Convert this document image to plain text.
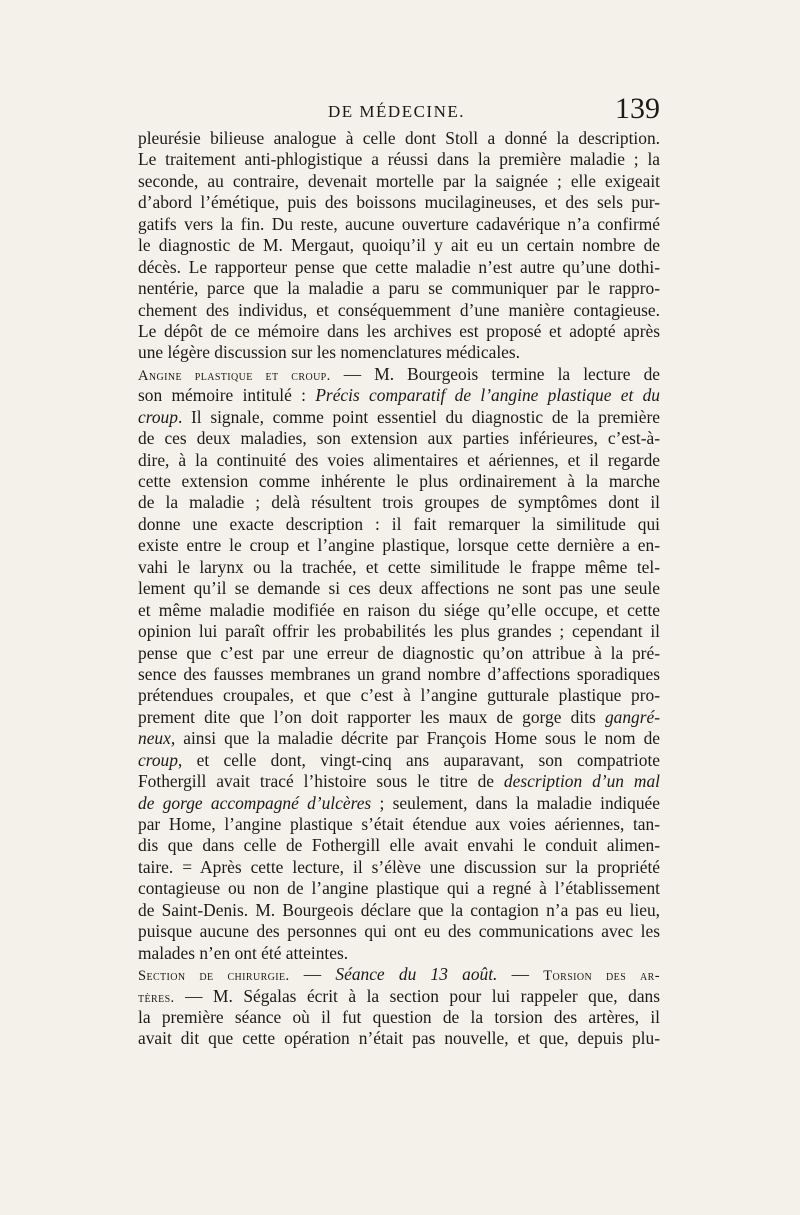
DE MÉDECINE.	139
pleurésie bilieuse analogue à celle dont Stoll a donné la description.
Le traitement anti-phlogistique a réussi dans la première maladie ; la
seconde, au contraire, devenait mortelle par la saignée ; elle exigeait
d’abord l’émétique, puis des boissons mucilagineuses, et des sels pur-
gatifs vers la fin. Du reste, aucune ouverture cadavérique n’a confirmé
le diagnostic de M. Mergaut, quoiqu’il y ait eu un certain nombre de
décès. Le rapporteur pense que cette maladie n’est autre qu’une dothi-
nentérie, parce que la maladie a paru se communiquer par le rappro-
chement des individus, et conséquemment d’une manière contagieuse.
Le dépôt de ce mémoire dans les archives est proposé et adopté après
une légère discussion sur les nomenclatures médicales.
Angine plastique et croup. — M. Bourgeois termine la lecture de
son mémoire intitulé : Précis comparatif de l’angine plastique et du
croup. Il signale, comme point essentiel du diagnostic de la première
de ces deux maladies, son extension aux parties inférieures, c’est-à-
dire, à la continuité des voies alimentaires et aériennes, et il regarde
cette extension comme inhérente le plus ordinairement à la marche
de la maladie ; delà résultent trois groupes de symptômes dont il
donne une exacte description : il fait remarquer la similitude qui
existe entre le croup et l’angine plastique, lorsque cette dernière a en-
vahi le larynx ou la trachée, et cette similitude le frappe même tel-
lement qu’il se demande si ces deux affections ne sont pas une seule
et même maladie modifiée en raison du siége qu’elle occupe, et cette
opinion lui paraît offrir les probabilités les plus grandes ; cependant il
pense que c’est par une erreur de diagnostic qu’on attribue à la pré-
sence des fausses membranes un grand nombre d’affections sporadiques
prétendues croupales, et que c’est à l’angine gutturale plastique pro-
prement dite que l’on doit rapporter les maux de gorge dits gangré-
neux, ainsi que la maladie décrite par François Home sous le nom de
croup, et celle dont, vingt-cinq ans auparavant, son compatriote
Fothergill avait tracé l’histoire sous le titre de description d’un mal
de gorge accompagné d’ulcères ; seulement, dans la maladie indiquée
par Home, l’angine plastique s’était étendue aux voies aériennes, tan-
dis que dans celle de Fothergill elle avait envahi le conduit alimen-
taire. = Après cette lecture, il s’élève une discussion sur la propriété
contagieuse ou non de l’angine plastique qui a regné à l’établissement
de Saint-Denis. M. Bourgeois déclare que la contagion n’a pas eu lieu,
puisque aucune des personnes qui ont eu des communications avec les
malades n’en ont été atteintes.
Section de chirurgie. — Séance du 13 août. — Torsion des ar-
tères. — M. Ségalas écrit à la section pour lui rappeler que, dans
la première séance où il fut question de la torsion des artères, il
avait dit que cette opération n’était pas nouvelle, et que, depuis plu-
